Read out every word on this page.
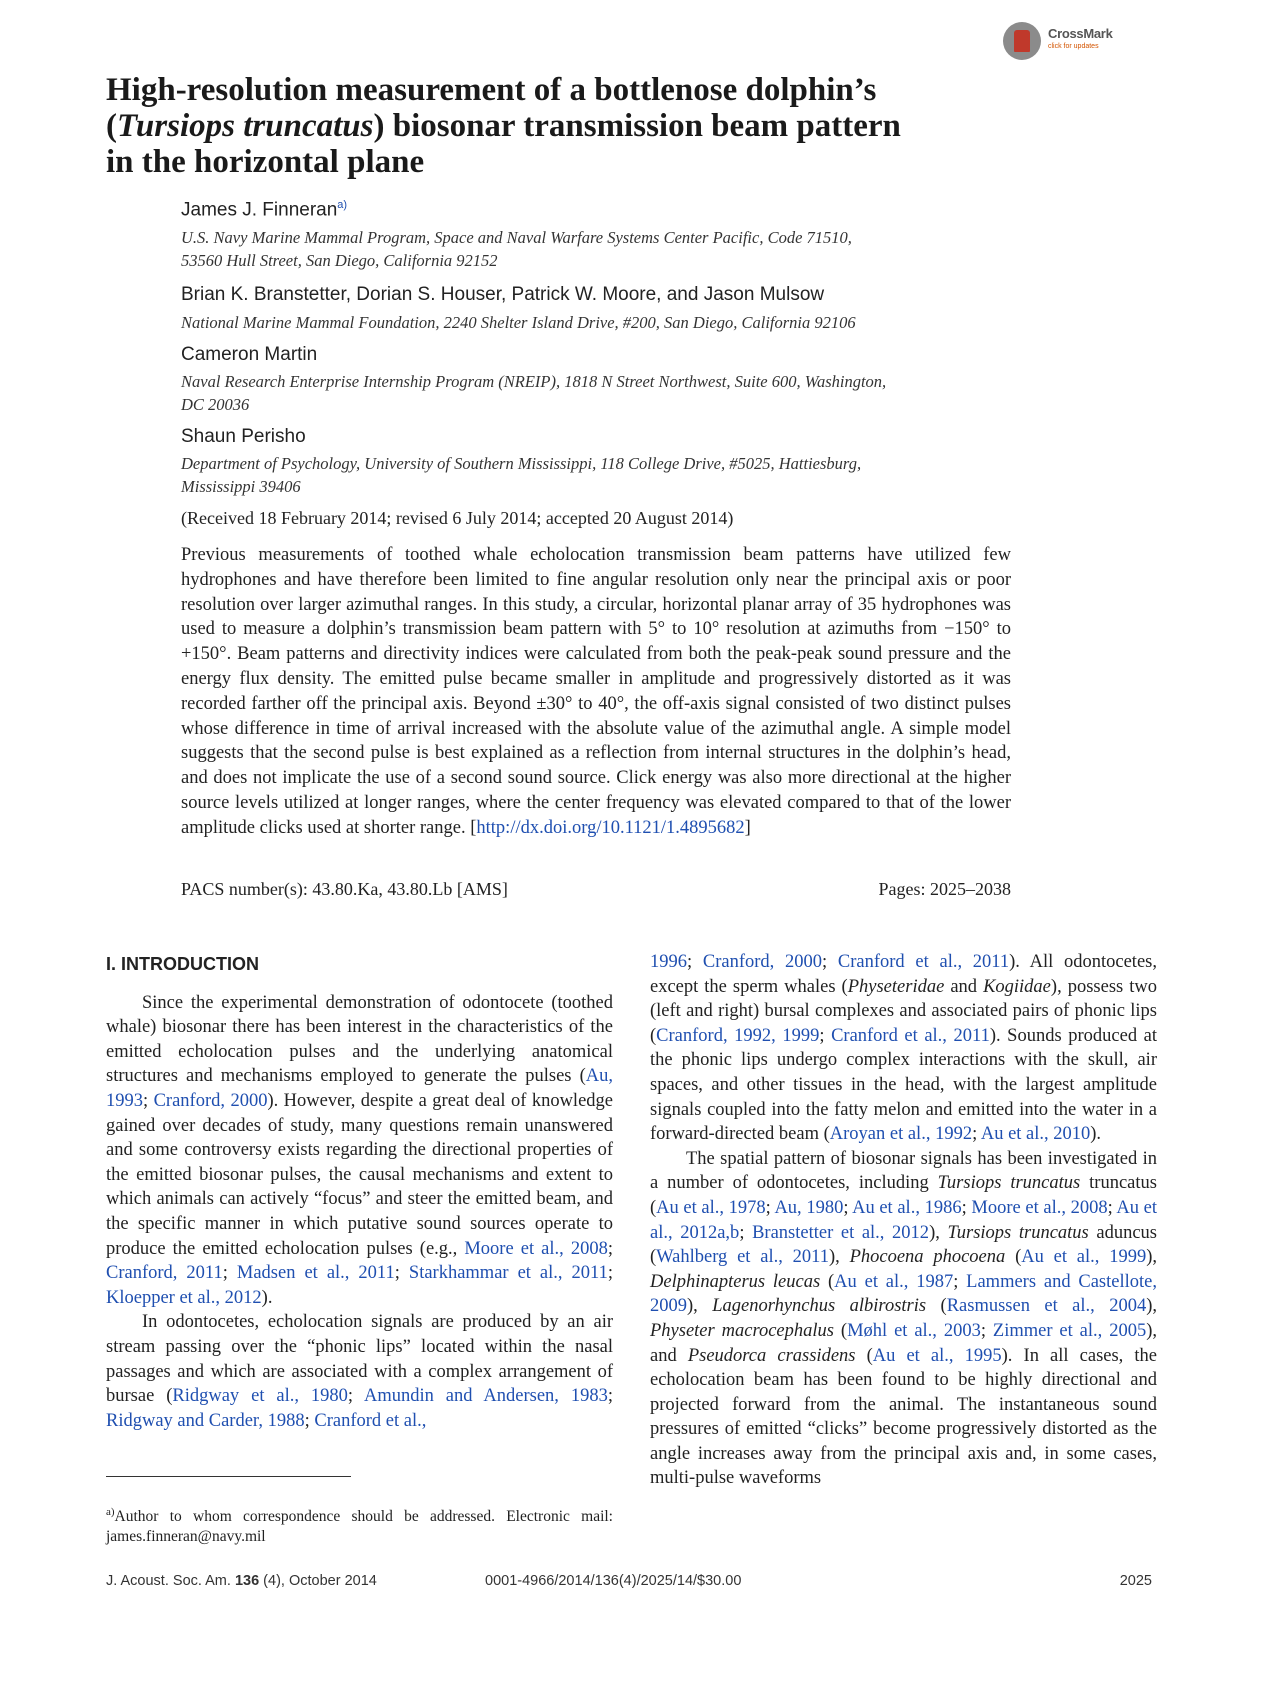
CrossMark
click for updates
High-resolution measurement of a bottlenose dolphin’s
(Tursiops truncatus) biosonar transmission beam pattern
in the horizontal plane
James J. Finneran$^{a)}$
U.S. Navy Marine Mammal Program, Space and Naval Warfare Systems Center Pacific, Code 71510,
53560 Hull Street, San Diego, California 92152
Brian K. Branstetter, Dorian S. Houser, Patrick W. Moore, and Jason Mulsow
National Marine Mammal Foundation, 2240 Shelter Island Drive, #200, San Diego, California 92106
Cameron Martin
Naval Research Enterprise Internship Program (NREIP), 1818 N Street Northwest, Suite 600, Washington,
DC 20036
Shaun Perisho
Department of Psychology, University of Southern Mississippi, 118 College Drive, #5025, Hattiesburg,
Mississippi 39406
(Received 18 February 2014; revised 6 July 2014; accepted 20 August 2014)

Previous measurements of toothed whale echolocation transmission beam patterns have utilized few hydrophones and have therefore been limited to fine angular resolution only near the principal axis or poor resolution over larger azimuthal ranges. In this study, a circular, horizontal planar array of 35 hydrophones was used to measure a dolphin’s transmission beam pattern with 5° to 10° resolution at azimuths from −150° to +150°. Beam patterns and directivity indices were calculated from both the peak-peak sound pressure and the energy flux density. The emitted pulse became smaller in amplitude and progressively distorted as it was recorded farther off the principal axis. Beyond ±30° to 40°, the off-axis signal consisted of two distinct pulses whose difference in time of arrival increased with the absolute value of the azimuthal angle. A simple model suggests that the second pulse is best explained as a reflection from internal structures in the dolphin’s head, and does not implicate the use of a second sound source. Click energy was also more directional at the higher source levels utilized at longer ranges, where the center frequency was elevated compared to that of the lower amplitude clicks used at shorter range. [http://dx.doi.org/10.1121/1.4895682]

PACS number(s): 43.80.Ka, 43.80.Lb [AMS]	Pages: 2025–2038
I. INTRODUCTION

Since the experimental demonstration of odontocete (toothed whale) biosonar there has been interest in the characteristics of the emitted echolocation pulses and the underlying anatomical structures and mechanisms employed to generate the pulses (Au, 1993; Cranford, 2000). However, despite a great deal of knowledge gained over decades of study, many questions remain unanswered and some controversy exists regarding the directional properties of the emitted biosonar pulses, the causal mechanisms and extent to which animals can actively “focus” and steer the emitted beam, and the specific manner in which putative sound sources operate to produce the emitted echolocation pulses (e.g., Moore et al., 2008; Cranford, 2011; Madsen et al., 2011; Starkhammar et al., 2011; Kloepper et al., 2012).

In odontocetes, echolocation signals are produced by an air stream passing over the “phonic lips” located within the nasal passages and which are associated with a complex arrangement of bursae (Ridgway et al., 1980; Amundin and Andersen, 1983; Ridgway and Carder, 1988; Cranford et al.,

1996; Cranford, 2000; Cranford et al., 2011). All odontocetes, except the sperm whales (Physeteridae and Kogiidae), possess two (left and right) bursal complexes and associated pairs of phonic lips (Cranford, 1992, 1999; Cranford et al., 2011). Sounds produced at the phonic lips undergo complex interactions with the skull, air spaces, and other tissues in the head, with the largest amplitude signals coupled into the fatty melon and emitted into the water in a forward-directed beam (Aroyan et al., 1992; Au et al., 2010).

The spatial pattern of biosonar signals has been investigated in a number of odontocetes, including Tursiops truncatus truncatus (Au et al., 1978; Au, 1980; Au et al., 1986; Moore et al., 2008; Au et al., 2012a,b; Branstetter et al., 2012), Tursiops truncatus aduncus (Wahlberg et al., 2011), Phocoena phocoena (Au et al., 1999), Delphinapterus leucas (Au et al., 1987; Lammers and Castellote, 2009), Lagenorhynchus albirostris (Rasmussen et al., 2004), Physeter macrocephalus (Møhl et al., 2003; Zimmer et al., 2005), and Pseudorca crassidens (Au et al., 1995). In all cases, the echolocation beam has been found to be highly directional and projected forward from the animal. The instantaneous sound pressures of emitted “clicks” become progressively distorted as the angle increases away from the principal axis and, in some cases, multi-pulse waveforms

$^{a)}$Author to whom correspondence should be addressed. Electronic mail: james.finneran@navy.mil
J. Acoust. Soc. Am. 136 (4), October 2014	0001-4966/2014/136(4)/2025/14/$30.00	2025
